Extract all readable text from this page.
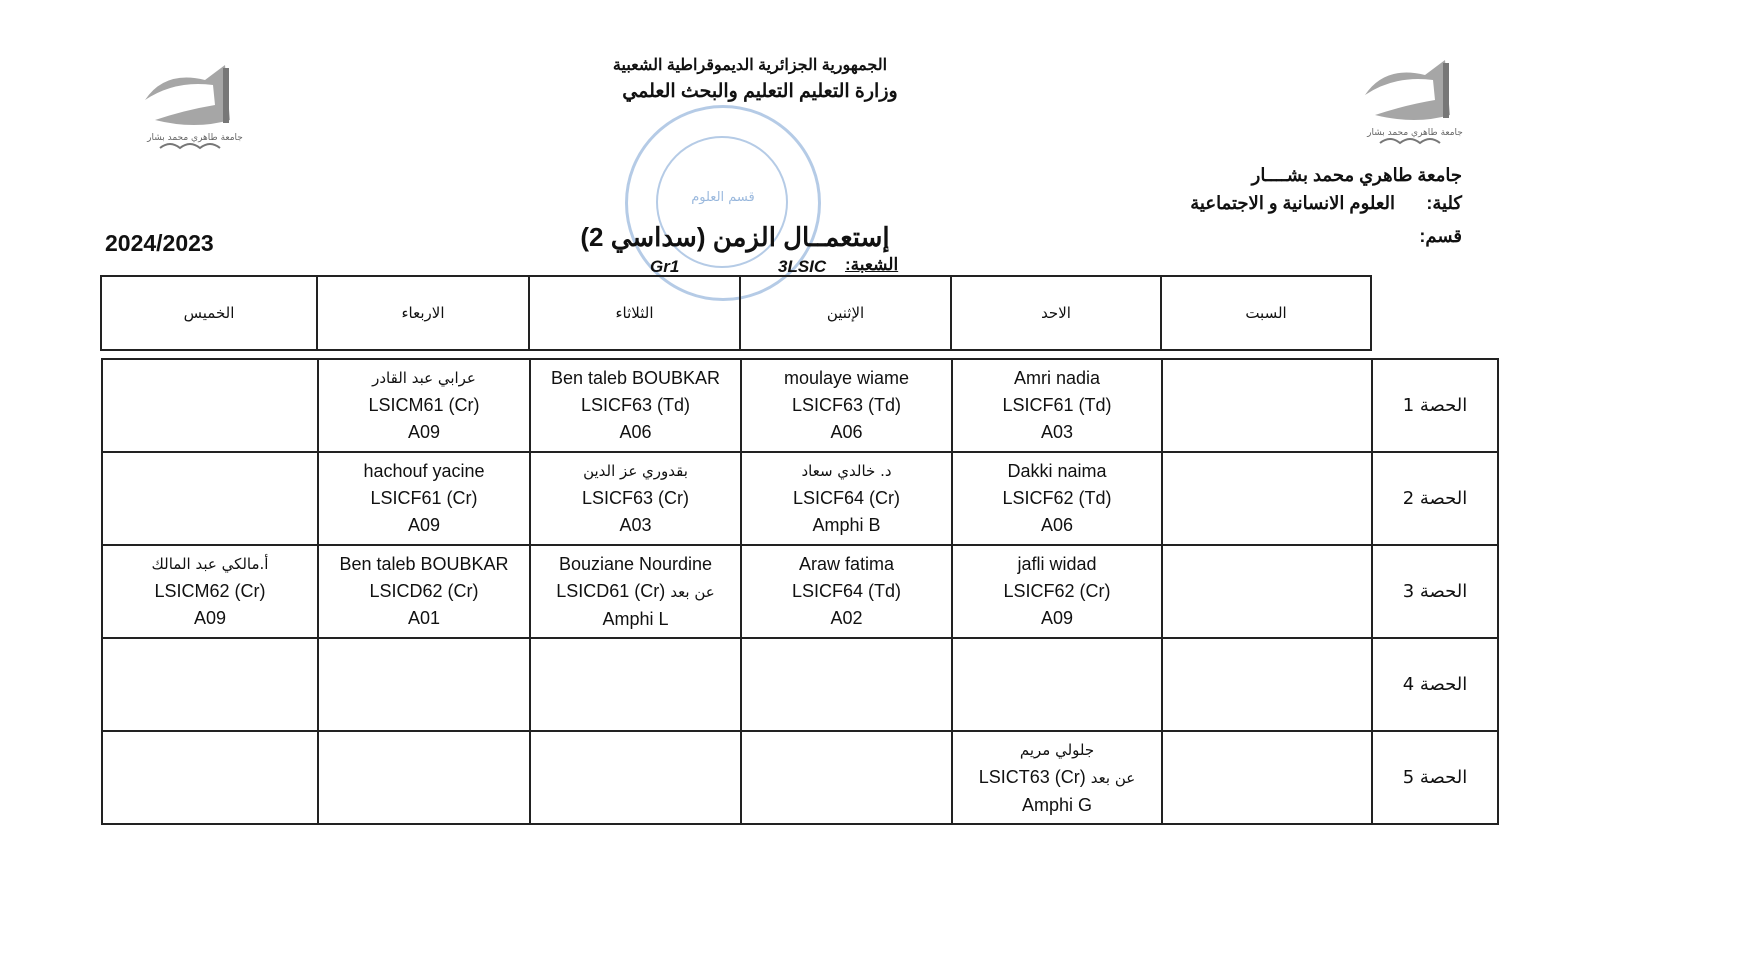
جامعة طاهري محمد بشار	جامعة طاهري محمد بشار
قسم العلوم
الجمهورية الجزائرية الديموقراطية الشعبية
وزارة التعليم التعليم والبحث العلمي
جامعة طاهري محمد بشــــار
كلية:
العلوم الانسانية و الاجتماعية
قسم:
2024/2023	إستعمــال الزمن (سداسي 2)
الشعبة:
3LSIC
Gr1
الخميس	الاربعاء	الثلاثاء	الإثنين	الاحد	السبت

	عرابي عبد القادر
LSICM61 (Cr)
A09	Ben taleb BOUBKAR
LSICF63 (Td)
A06	moulaye wiame
LSICF63 (Td)
A06	Amri nadia
LSICF61 (Td)
A03		الحصة 1

	hachouf yacine
LSICF61 (Cr)
A09	بقدوري عز الدين
LSICF63 (Cr)
A03	د. خالدي سعاد
LSICF64 (Cr)
Amphi B	Dakki naima
LSICF62 (Td)
A06		الحصة 2

أ.مالكي عبد المالك
LSICM62 (Cr)
A09	Ben taleb BOUBKAR
LSICD62 (Cr)
A01	Bouziane Nourdine
LSICD61 (Cr) عن بعد
Amphi L	Araw fatima
LSICF64 (Td)
A02	jafli widad
LSICF62 (Cr)
A09		الحصة 3
						الحصة 4

				جلولي مريم
LSICT63 (Cr) عن بعد
Amphi G		الحصة 5
